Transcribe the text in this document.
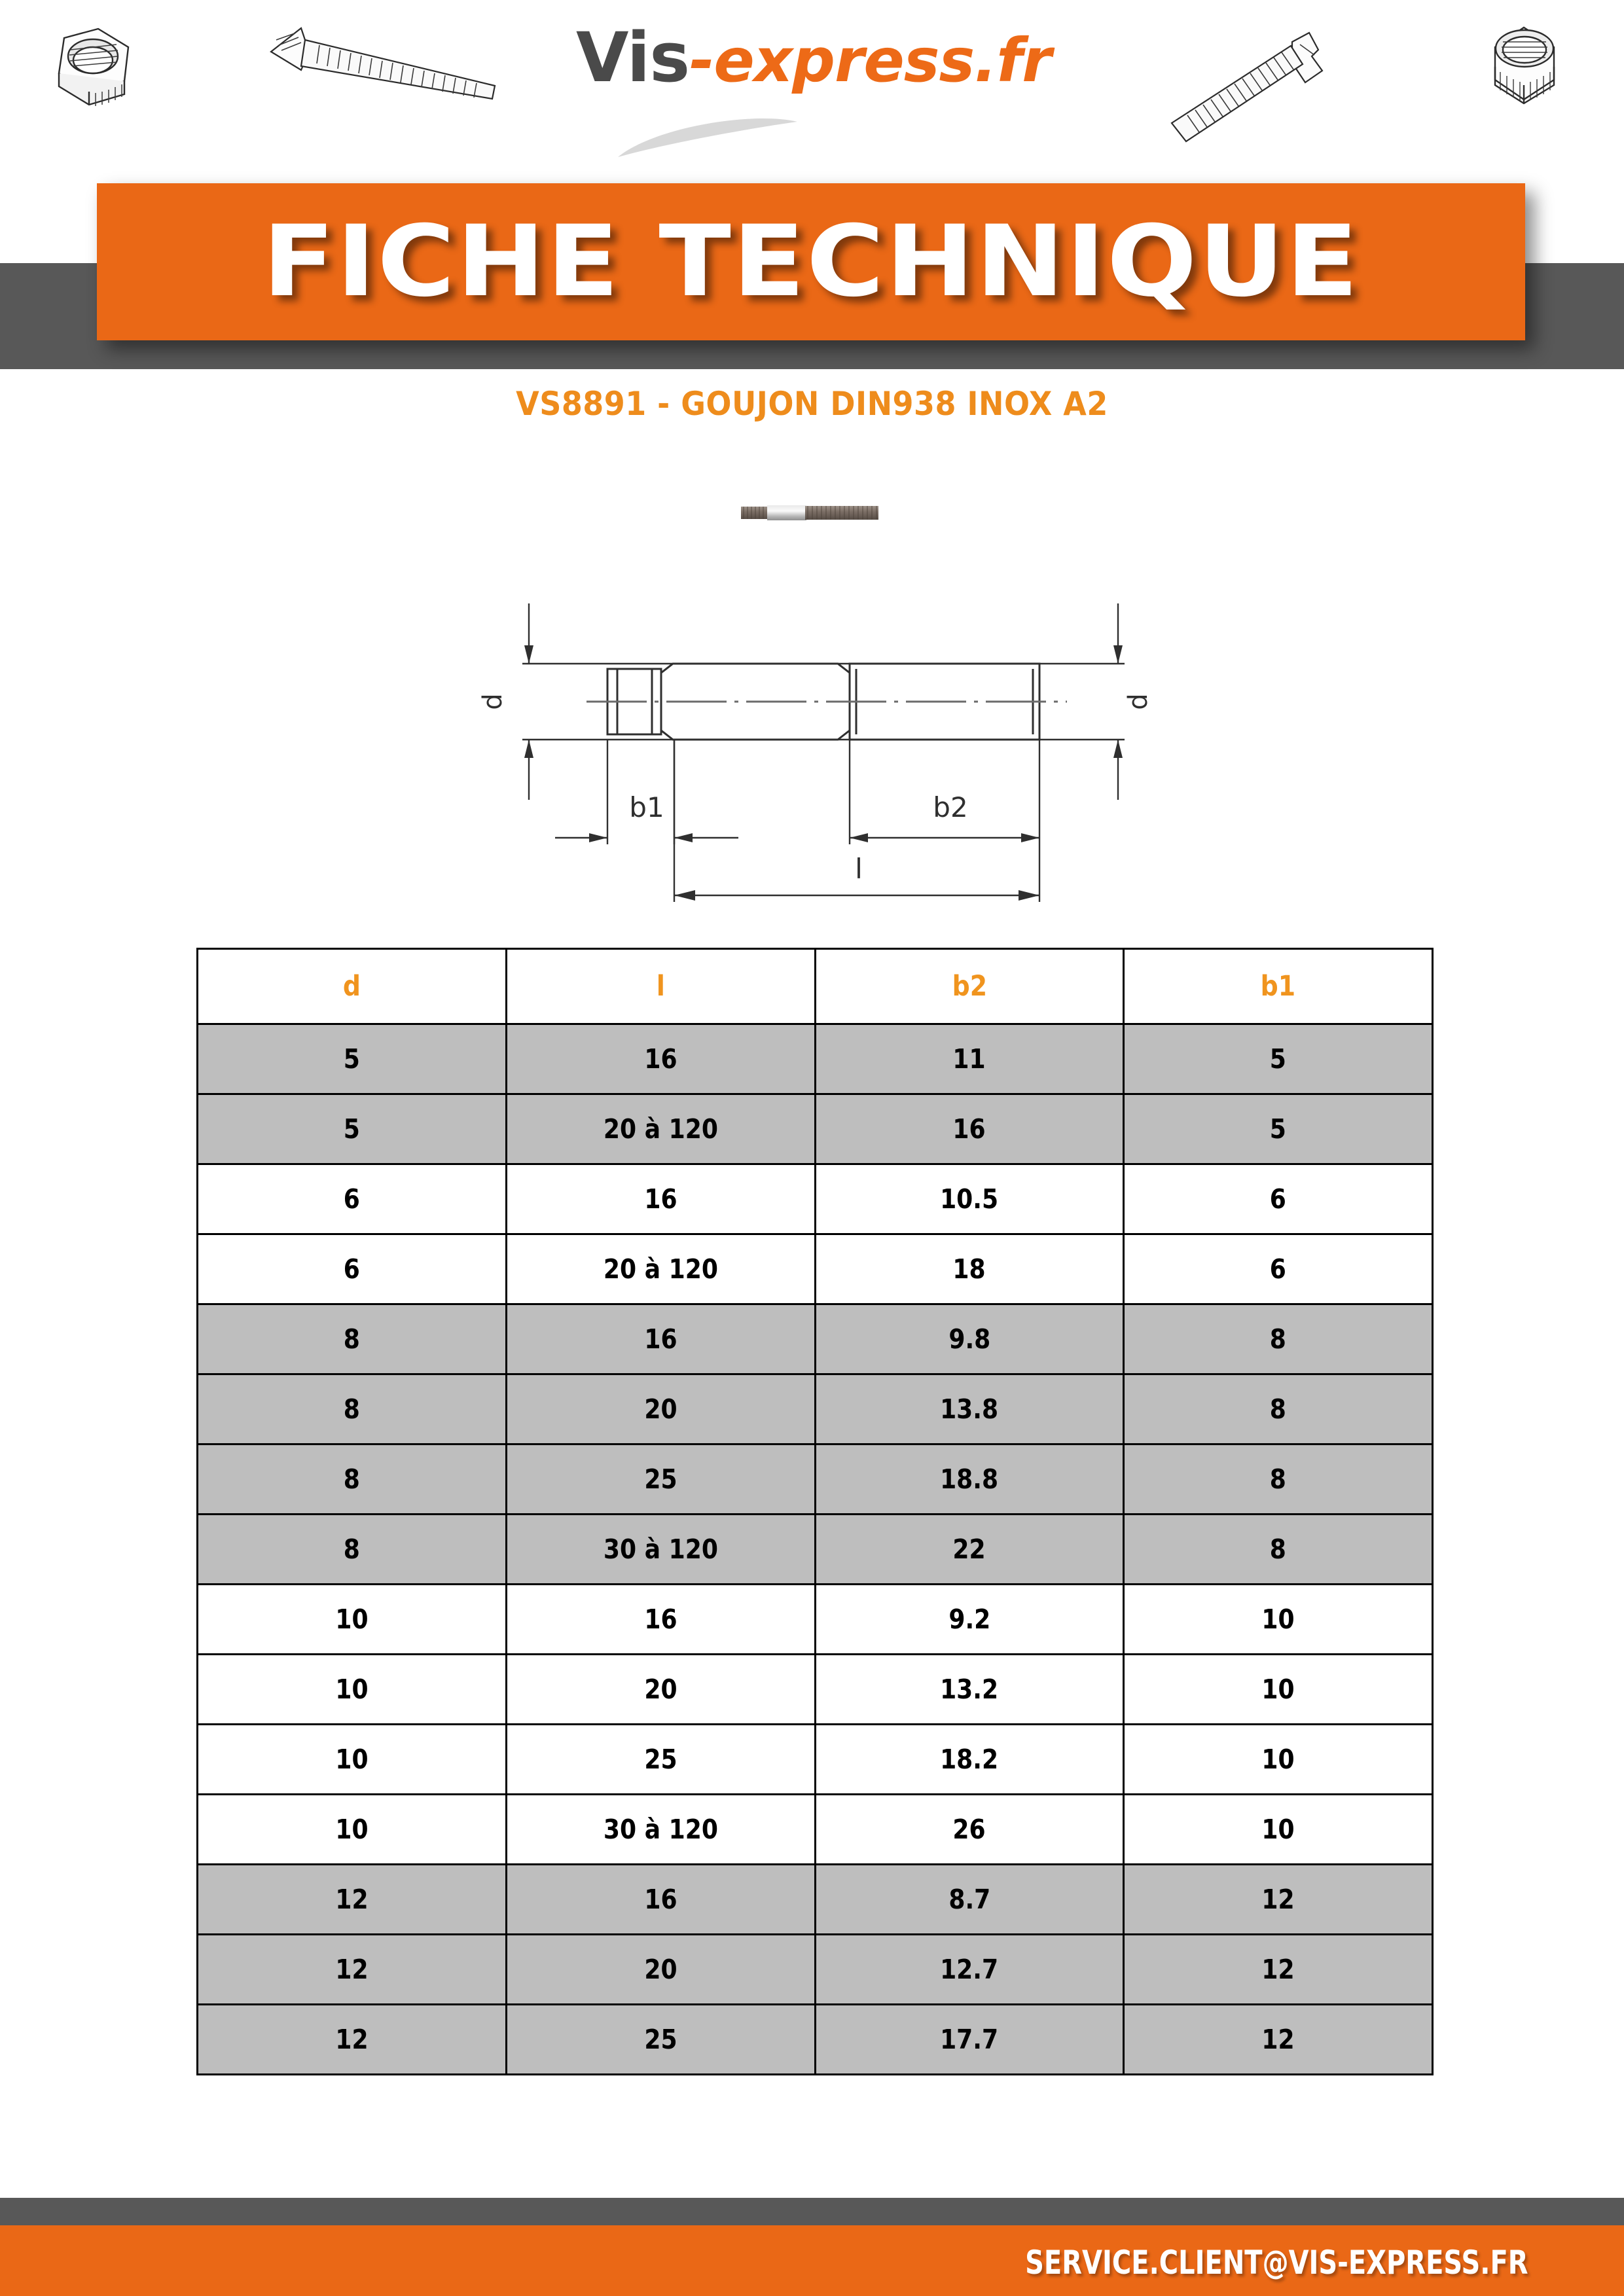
Vis-express.fr
FICHE TECHNIQUE
VS8891 - GOUJON DIN938 INOX A2
d	d
b1	b2
l
d	l	b2	b1
5	16	11	5
5	20 à 120	16	5
6	16	10.5	6
6	20 à 120	18	6
8	16	9.8	8
8	20	13.8	8
8	25	18.8	8
8	30 à 120	22	8
10	16	9.2	10
10	20	13.2	10
10	25	18.2	10
10	30 à 120	26	10
12	16	8.7	12
12	20	12.7	12
12	25	17.7	12
SERVICE.CLIENT@VIS-EXPRESS.FR
